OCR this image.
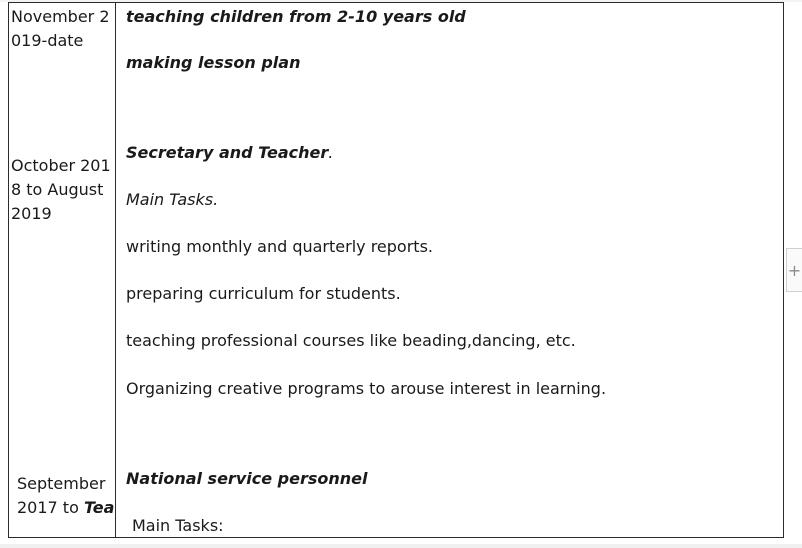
November 2
019-date
teaching children from 2-10 years old
making lesson plan
October 201
8 to August
2019
Secretary and Teacher.
Main Tasks.
writing monthly and quarterly reports.
preparing curriculum for students.
teaching professional courses like beading,dancing, etc.
Organizing creative programs to arouse interest in learning.
September
2017 to Tea
National service personnel
Main Tasks:
+
